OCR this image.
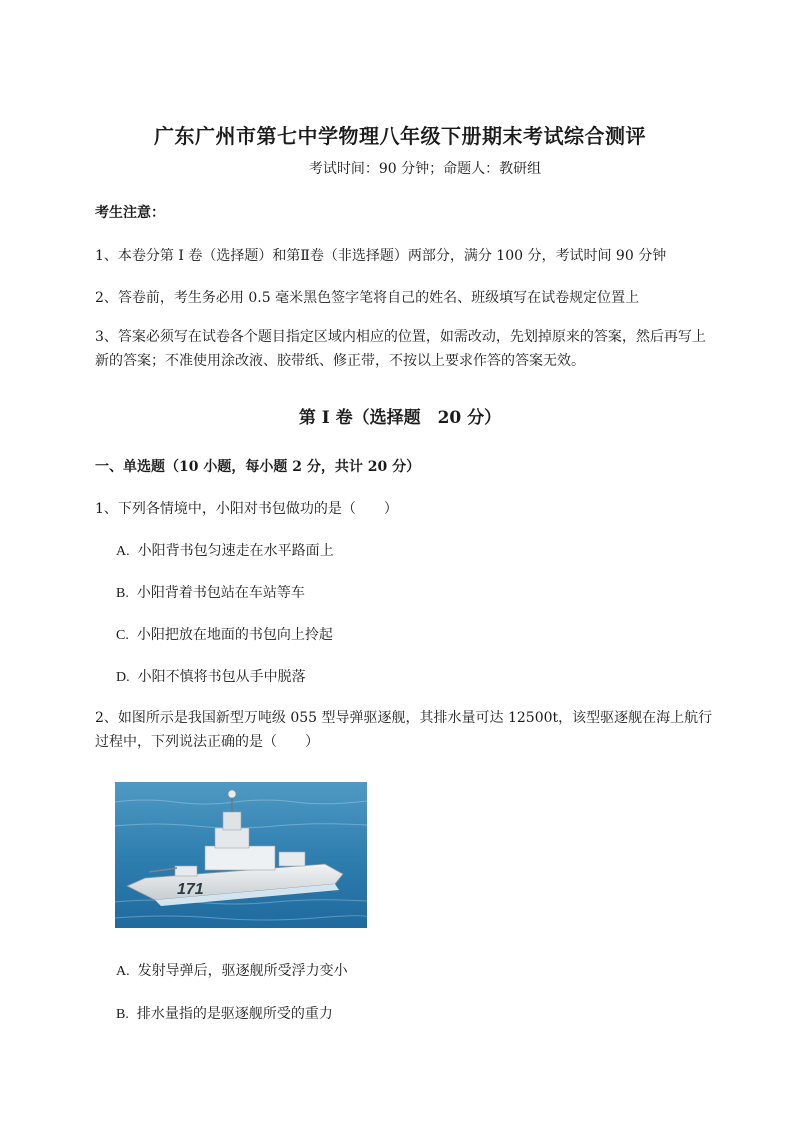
广东广州市第七中学物理八年级下册期末考试综合测评
考试时间：90 分钟；命题人：教研组
考生注意：
1、本卷分第 I 卷（选择题）和第Ⅱ卷（非选择题）两部分，满分 100 分，考试时间 90 分钟
2、答卷前，考生务必用 0.5 毫米黑色签字笔将自己的姓名、班级填写在试卷规定位置上
3、答案必须写在试卷各个题目指定区域内相应的位置，如需改动，先划掉原来的答案，然后再写上新的答案；不准使用涂改液、胶带纸、修正带，不按以上要求作答的答案无效。
第 I 卷（选择题　20 分）
一、单选题（10 小题，每小题 2 分，共计 20 分）
1、下列各情境中，小阳对书包做功的是（　　）
A. 小阳背书包匀速走在水平路面上
B. 小阳背着书包站在车站等车
C. 小阳把放在地面的书包向上拎起
D. 小阳不慎将书包从手中脱落
2、如图所示是我国新型万吨级 055 型导弹驱逐舰，其排水量可达 12500t，该型驱逐舰在海上航行过程中，下列说法正确的是（　　）
171
A. 发射导弹后，驱逐舰所受浮力变小
B. 排水量指的是驱逐舰所受的重力
